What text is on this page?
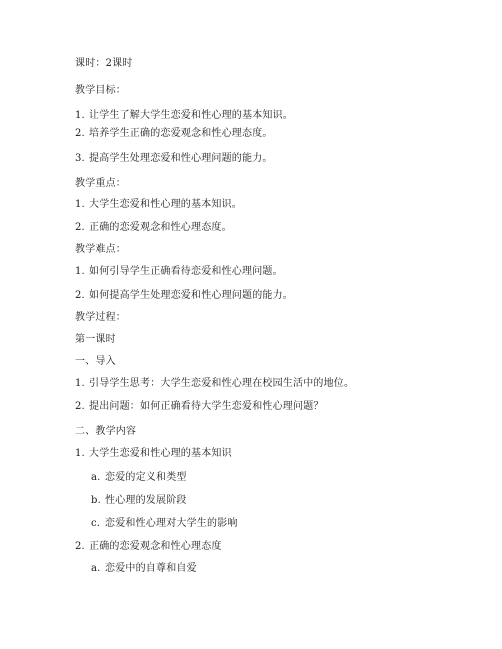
课时：2课时
教学目标：
1. 让学生了解大学生恋爱和性心理的基本知识。
2. 培养学生正确的恋爱观念和性心理态度。
3. 提高学生处理恋爱和性心理问题的能力。
教学重点：
1. 大学生恋爱和性心理的基本知识。
2. 正确的恋爱观念和性心理态度。
教学难点：
1. 如何引导学生正确看待恋爱和性心理问题。
2. 如何提高学生处理恋爱和性心理问题的能力。
教学过程：
第一课时
一、导入
1. 引导学生思考：大学生恋爱和性心理在校园生活中的地位。
2. 提出问题：如何正确看待大学生恋爱和性心理问题？
二、教学内容
1. 大学生恋爱和性心理的基本知识
a. 恋爱的定义和类型
b. 性心理的发展阶段
c. 恋爱和性心理对大学生的影响
2. 正确的恋爱观念和性心理态度
a. 恋爱中的自尊和自爱
